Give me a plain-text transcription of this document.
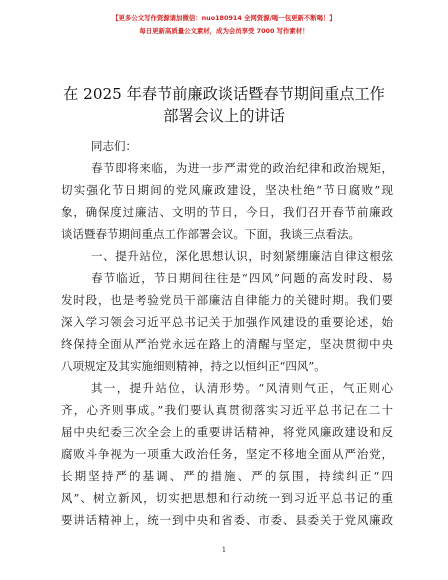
【更多公文写作资源请加微信：nuo180914 全网资源/喝一包更新不断喝！】
每日更新高质量公文素材，成为会员享受 7000 写作素材！
在 2025 年春节前廉政谈话暨春节期间重点工作
部署会议上的讲话
同志们：
春节即将来临，为进一步严肃党的政治纪律和政治规矩，
切实强化节日期间的党风廉政建设，坚决杜绝“节日腐败”现
象，确保度过廉洁、文明的节日，今日，我们召开春节前廉政
谈话暨春节期间重点工作部署会议。下面，我谈三点看法。
一、提升站位，深化思想认识，时刻紧绷廉洁自律这根弦
春节临近，节日期间往往是“四风”问题的高发时段、易
发时段，也是考验党员干部廉洁自律能力的关键时期。我们要
深入学习领会习近平总书记关于加强作风建设的重要论述，始
终保持全面从严治党永远在路上的清醒与坚定，坚决贯彻中央
八项规定及其实施细则精神，持之以恒纠正“四风”。
其一，提升站位，认清形势。“风清则气正，气正则心
齐，心齐则事成。”我们要认真贯彻落实习近平总书记在二十
届中央纪委三次全会上的重要讲话精神，将党风廉政建设和反
腐败斗争视为一项重大政治任务，坚定不移地全面从严治党，
长期坚持严的基调、严的措施、严的氛围，持续纠正“四
风”、树立新风，切实把思想和行动统一到习近平总书记的重
要讲话精神上，统一到中央和省委、市委、县委关于党风廉政
1
